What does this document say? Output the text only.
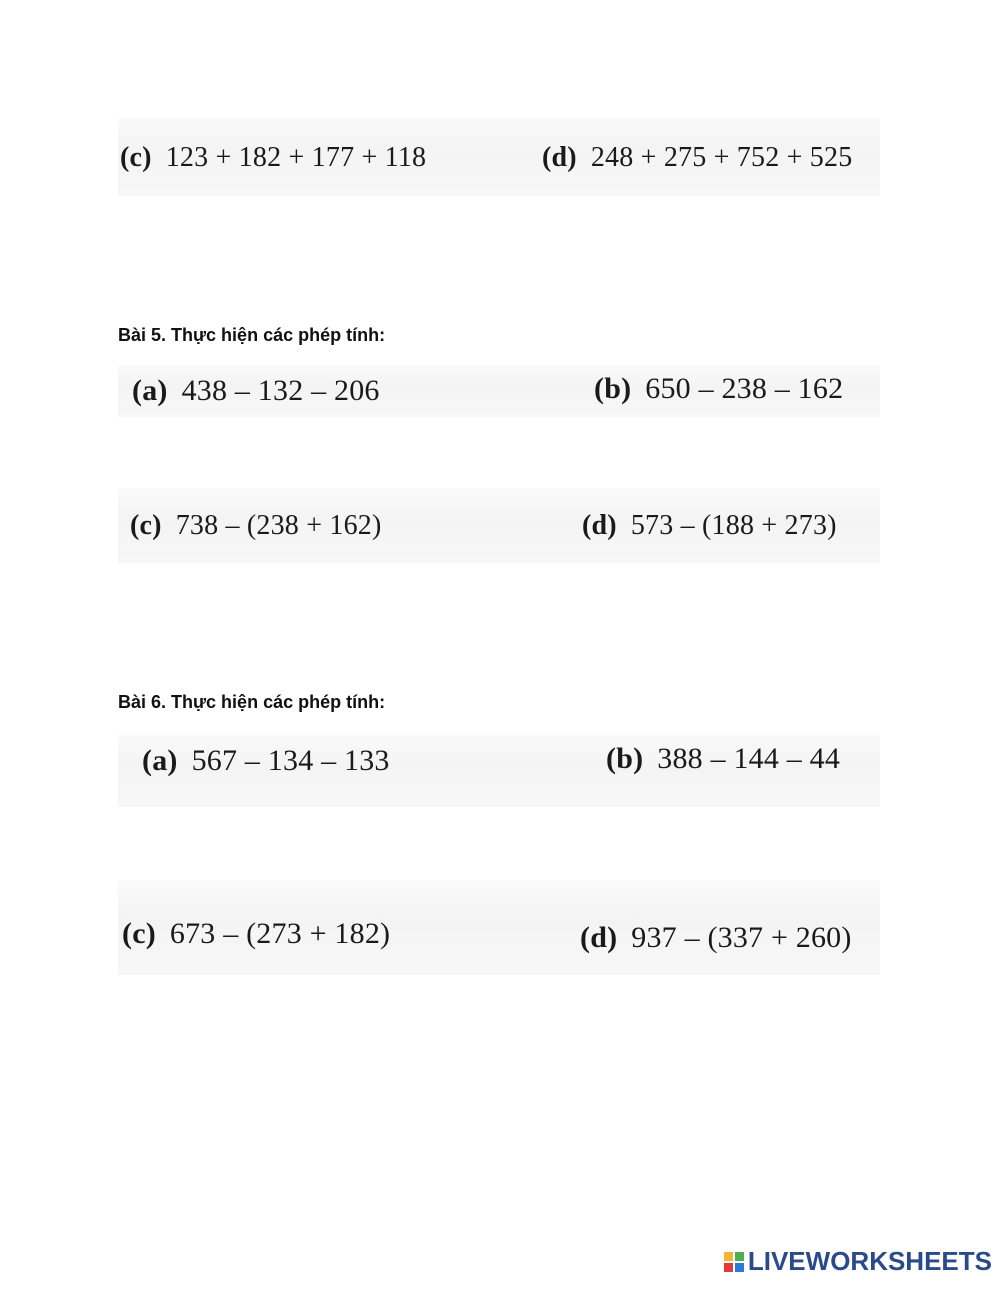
(c) 123 + 182 + 177 + 118	(d) 248 + 275 + 752 + 525
Bài 5. Thực hiện các phép tính:
(a) 438 – 132 – 206	(b) 650 – 238 – 162
(c) 738 – (238 + 162)	(d) 573 – (188 + 273)
Bài 6. Thực hiện các phép tính:
(a) 567 – 134 – 133	(b) 388 – 144 – 44
(c) 673 – (273 + 182)	(d) 937 – (337 + 260)
LIVEWORKSHEETS
